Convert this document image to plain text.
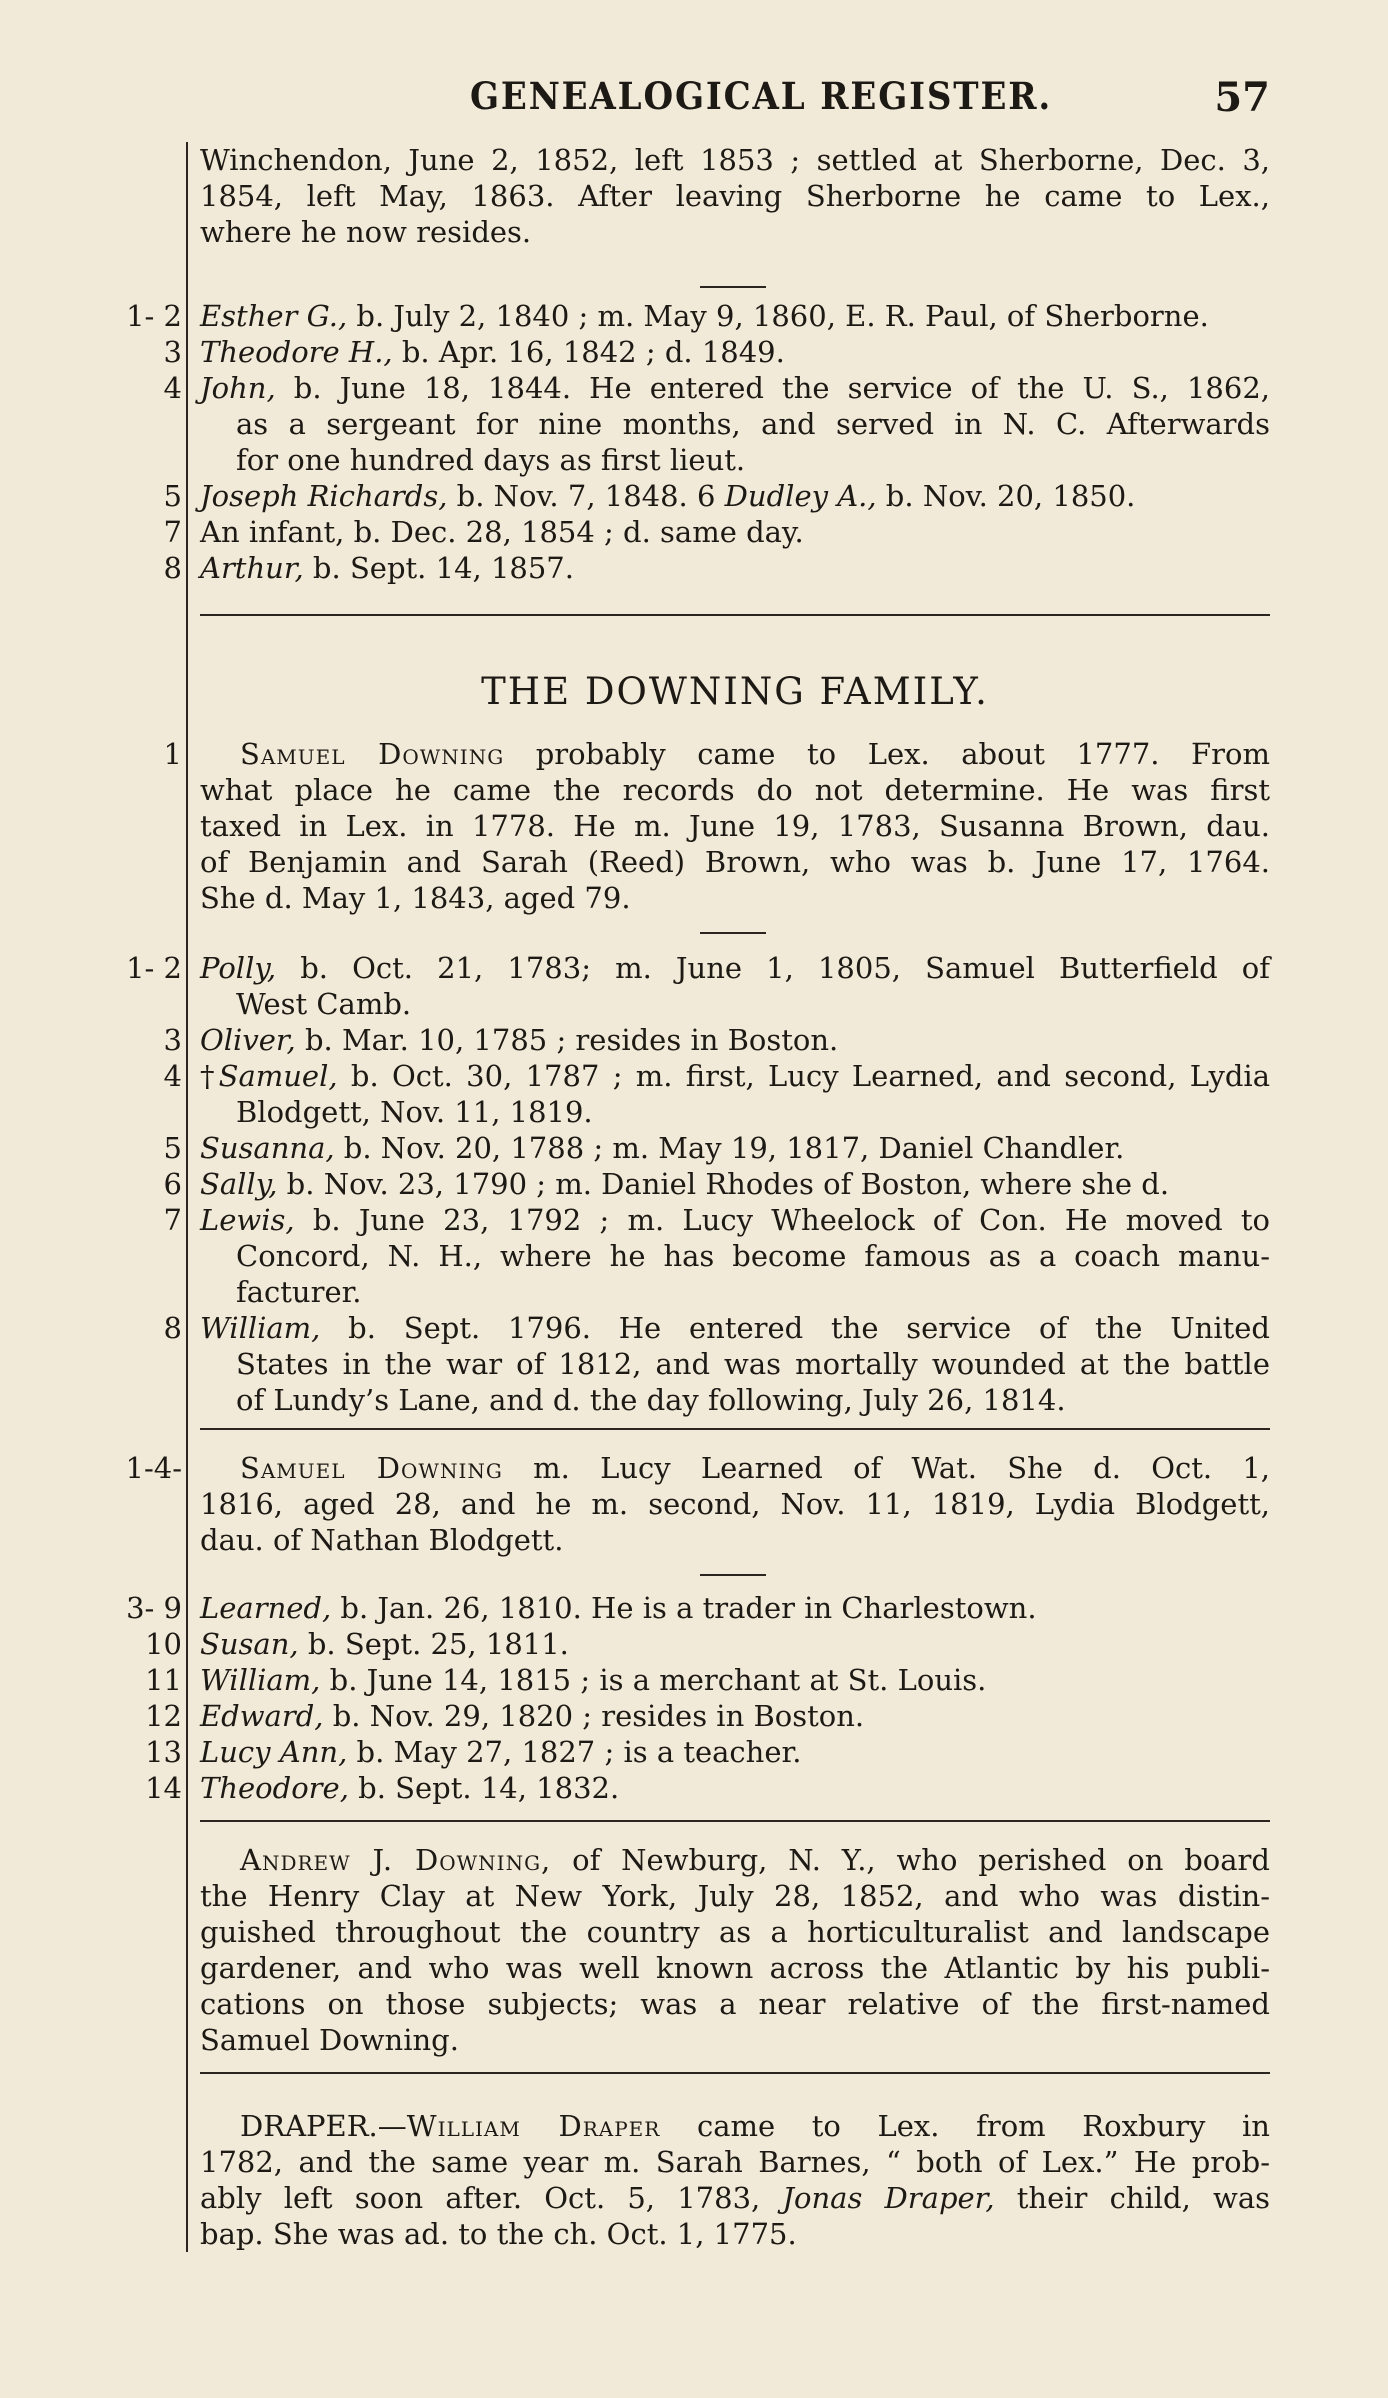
GENEALOGICAL REGISTER.	57
Winchendon, June 2, 1852, left 1853 ; settled at Sherborne, Dec. 3,
1854, left May, 1863. After leaving Sherborne he came to Lex.,
where he now resides.
1- 2 Esther G., b. July 2, 1840 ; m. May 9, 1860, E. R. Paul, of Sherborne.
3 Theodore H., b. Apr. 16, 1842 ; d. 1849.
4 John, b. June 18, 1844. He entered the service of the U. S., 1862,
as a sergeant for nine months, and served in N. C. Afterwards
for one hundred days as first lieut.
5 Joseph Richards, b. Nov. 7, 1848. 6 Dudley A., b. Nov. 20, 1850.
7 An infant, b. Dec. 28, 1854 ; d. same day.
8 Arthur, b. Sept. 14, 1857.
THE DOWNING FAMILY.
1 Samuel Downing probably came to Lex. about 1777. From
what place he came the records do not determine. He was first
taxed in Lex. in 1778. He m. June 19, 1783, Susanna Brown, dau.
of Benjamin and Sarah (Reed) Brown, who was b. June 17, 1764.
She d. May 1, 1843, aged 79.
1- 2 Polly, b. Oct. 21, 1783; m. June 1, 1805, Samuel Butterfield of
West Camb.
3 Oliver, b. Mar. 10, 1785 ; resides in Boston.
4 †Samuel, b. Oct. 30, 1787 ; m. first, Lucy Learned, and second, Lydia
Blodgett, Nov. 11, 1819.
5 Susanna, b. Nov. 20, 1788 ; m. May 19, 1817, Daniel Chandler.
6 Sally, b. Nov. 23, 1790 ; m. Daniel Rhodes of Boston, where she d.
7 Lewis, b. June 23, 1792 ; m. Lucy Wheelock of Con. He moved to
Concord, N. H., where he has become famous as a coach manu-
facturer.
8 William, b. Sept. 1796. He entered the service of the United
States in the war of 1812, and was mortally wounded at the battle
of Lundy’s Lane, and d. the day following, July 26, 1814.
1-4- Samuel Downing m. Lucy Learned of Wat. She d. Oct. 1,
1816, aged 28, and he m. second, Nov. 11, 1819, Lydia Blodgett,
dau. of Nathan Blodgett.
3- 9 Learned, b. Jan. 26, 1810. He is a trader in Charlestown.
10 Susan, b. Sept. 25, 1811.
11 William, b. June 14, 1815 ; is a merchant at St. Louis.
12 Edward, b. Nov. 29, 1820 ; resides in Boston.
13 Lucy Ann, b. May 27, 1827 ; is a teacher.
14 Theodore, b. Sept. 14, 1832.
Andrew J. Downing, of Newburg, N. Y., who perished on board
the Henry Clay at New York, July 28, 1852, and who was distin-
guished throughout the country as a horticulturalist and landscape
gardener, and who was well known across the Atlantic by his publi-
cations on those subjects; was a near relative of the first-named
Samuel Downing.
DRAPER.—William Draper came to Lex. from Roxbury in
1782, and the same year m. Sarah Barnes, “ both of Lex.” He prob-
ably left soon after. Oct. 5, 1783, Jonas Draper, their child, was
bap. She was ad. to the ch. Oct. 1, 1775.
